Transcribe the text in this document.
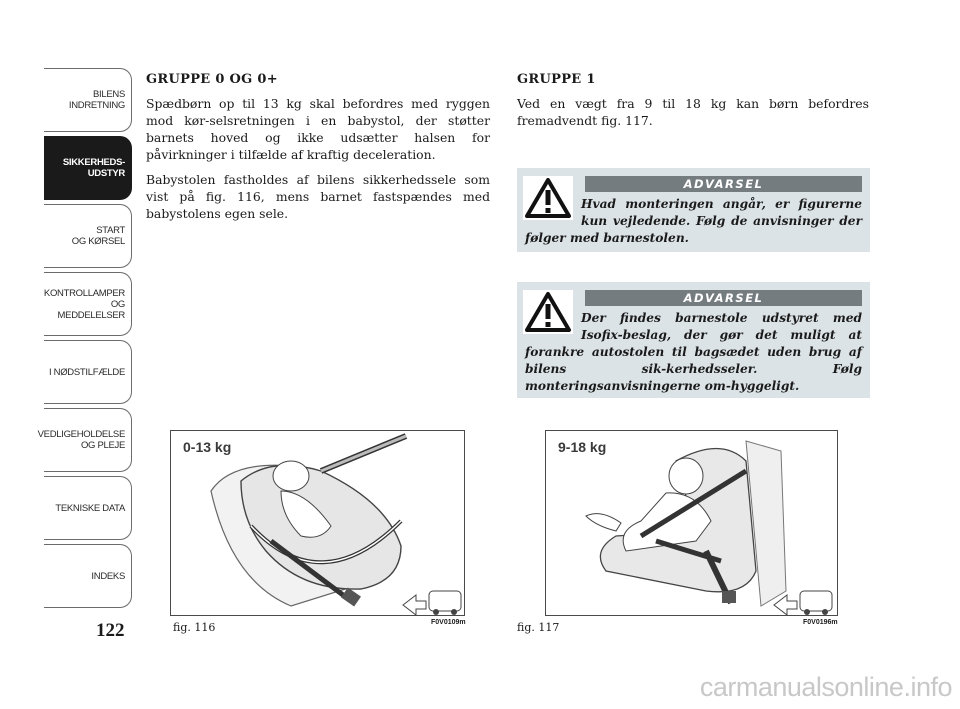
BILENS
INDRETNING
SIKKERHEDS-
UDSTYR
START
OG KØRSEL
KONTROLLAMPER
OG MEDDELELSER
I NØDSTILFÆLDE
VEDLIGEHOLDELSE
OG PLEJE
TEKNISKE DATA
INDEKS
122
GRUPPE 0 OG 0+

Spædbørn op til 13 kg skal befordres med ryggen mod kør-selsretningen i en babystol, der støtter barnets hoved og ikke udsætter halsen for påvirkninger i tilfælde af kraftig deceleration.

Babystolen fastholdes af bilens sikkerhedssele som vist på fig. 116, mens barnet fastspændes med babystolens egen sele.

GRUPPE 1

Ved en vægt fra 9 til 18 kg kan børn befordres fremadvendt fig. 117.

ADVARSEL
Hvad monteringen angår, er figurerne kun vejledende. Følg de anvisninger der følger med barnestolen.
ADVARSEL
Der findes barnestole udstyret med Isofix-beslag, der gør det muligt at forankre autostolen til bagsædet uden brug af bilens sik-kerhedsseler. Følg monteringsanvisningerne om-hyggeligt.
0-13 kg
fig. 116	F0V0109m
9-18 kg
fig. 117	F0V0196m
carmanualsonline.info
